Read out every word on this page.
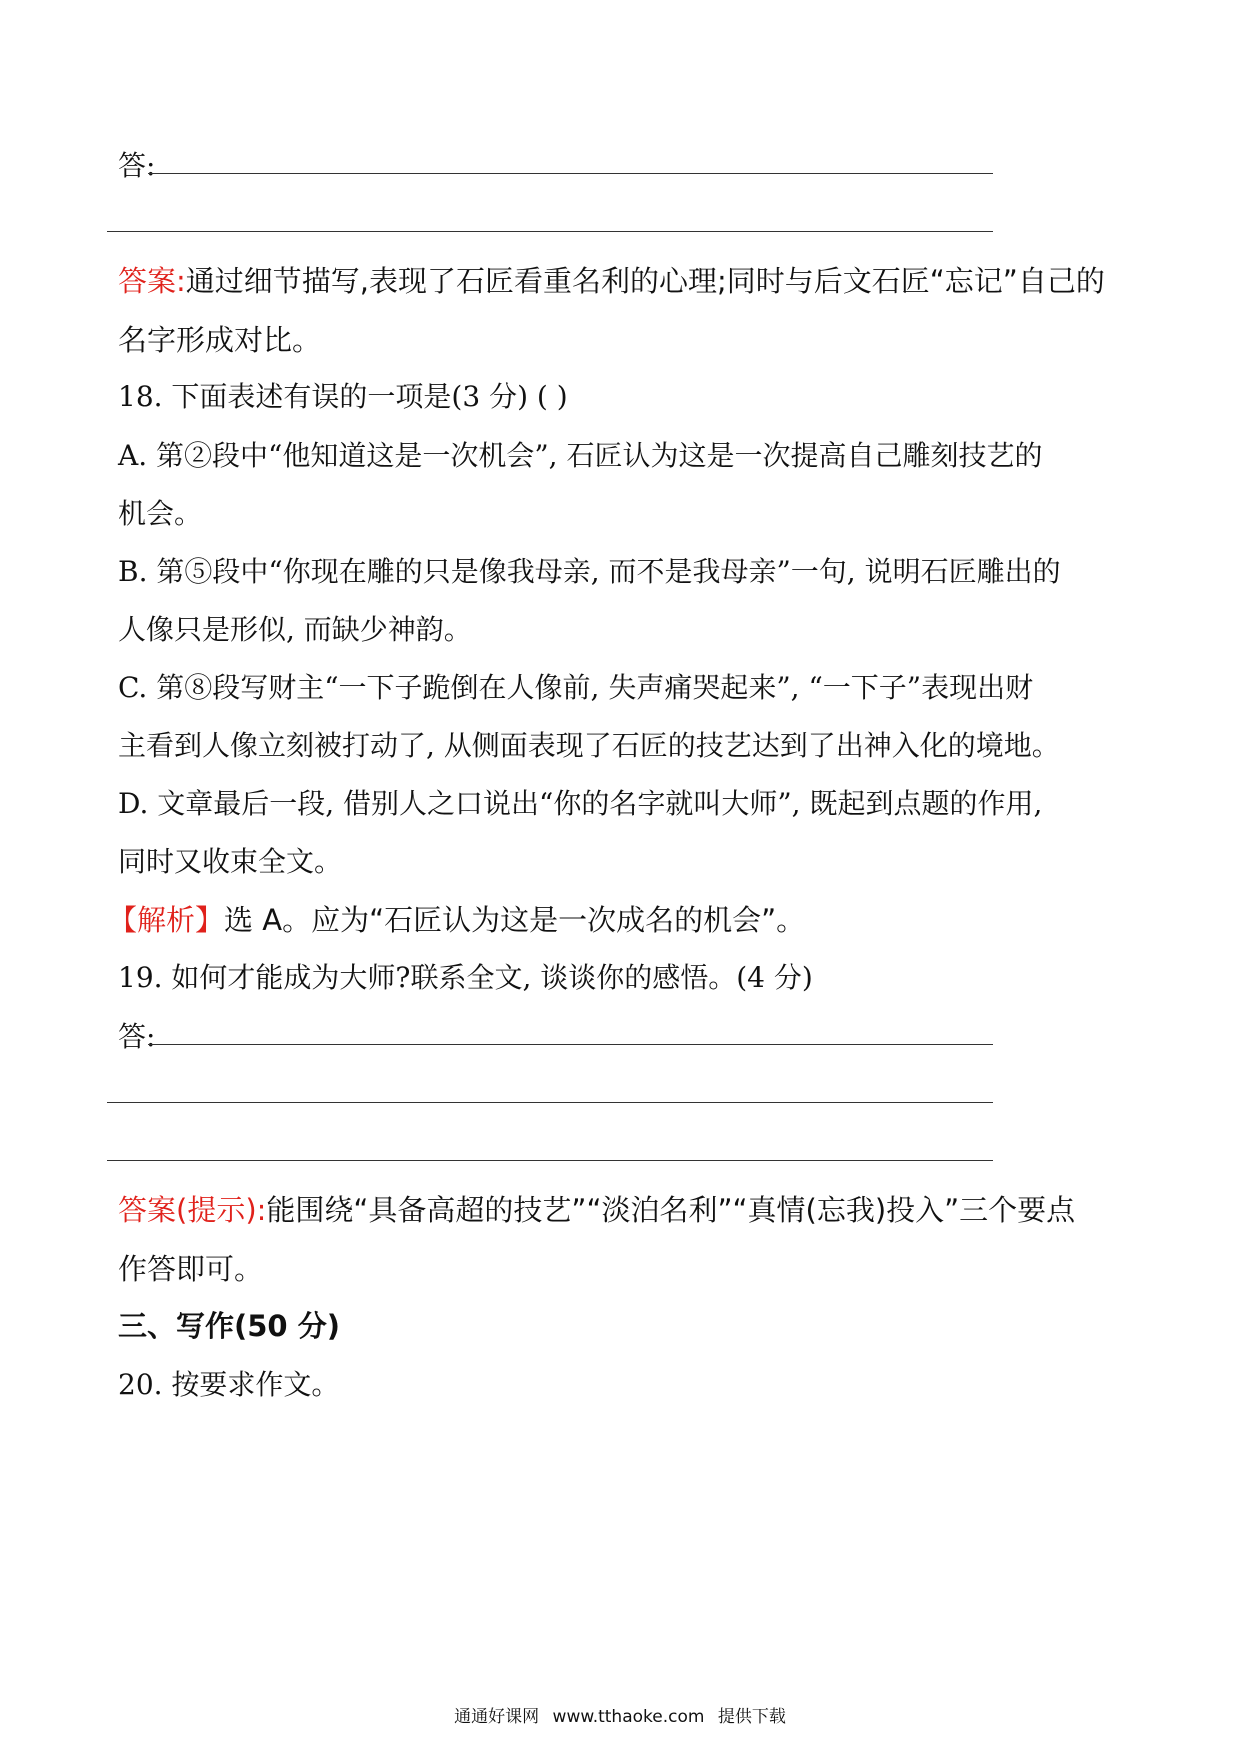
答:
答案:通过细节描写,表现了石匠看重名利的心理;同时与后文石匠“忘记”自己的
名字形成对比。
18. 下面表述有误的一项是(3 分) ( )
A. 第②段中“他知道这是一次机会”, 石匠认为这是一次提高自己雕刻技艺的
机会。
B. 第⑤段中“你现在雕的只是像我母亲, 而不是我母亲”一句, 说明石匠雕出的
人像只是形似, 而缺少神韵。
C. 第⑧段写财主“一下子跪倒在人像前, 失声痛哭起来”, “一下子”表现出财
主看到人像立刻被打动了, 从侧面表现了石匠的技艺达到了出神入化的境地。
D. 文章最后一段, 借别人之口说出“你的名字就叫大师”, 既起到点题的作用,
同时又收束全文。
【解析】选 A。应为“石匠认为这是一次成名的机会”。
19. 如何才能成为大师?联系全文, 谈谈你的感悟。(4 分)
答:
答案(提示):能围绕“具备高超的技艺”“淡泊名利”“真情(忘我)投入”三个要点
作答即可。
三、写作(50 分)
20. 按要求作文。
通通好课网 www.tthaoke.com 提供下载
